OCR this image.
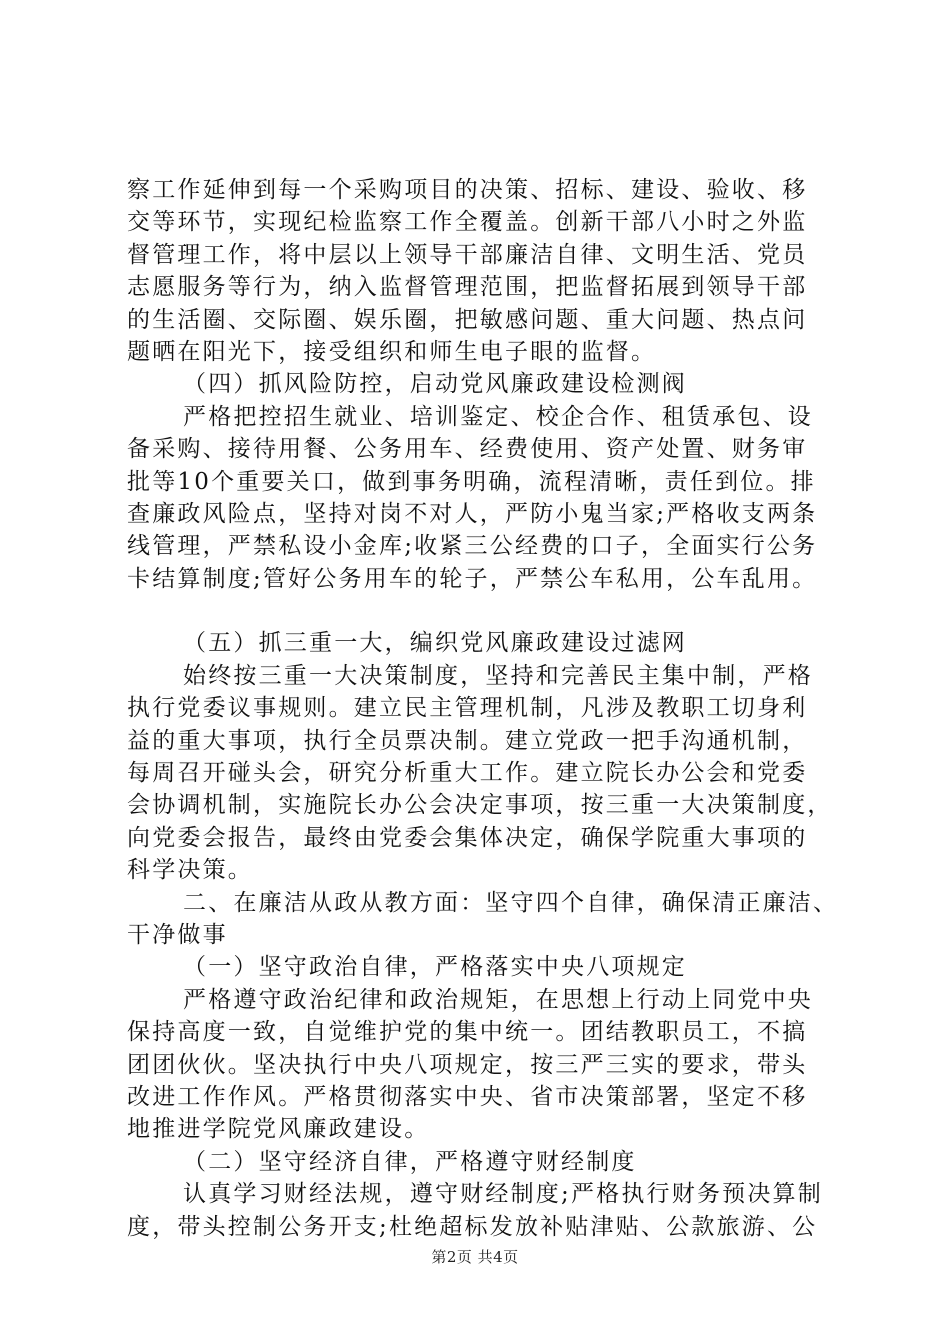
察工作延伸到每一个采购项目的决策、招标、建设、验收、移
交等环节，实现纪检监察工作全覆盖。创新干部八小时之外监
督管理工作，将中层以上领导干部廉洁自律、文明生活、党员
志愿服务等行为，纳入监督管理范围，把监督拓展到领导干部
的生活圈、交际圈、娱乐圈，把敏感问题、重大问题、热点问
题晒在阳光下，接受组织和师生电子眼的监督。
（四）抓风险防控，启动党风廉政建设检测阀
严格把控招生就业、培训鉴定、校企合作、租赁承包、设
备采购、接待用餐、公务用车、经费使用、资产处置、财务审
批等10个重要关口，做到事务明确，流程清晰，责任到位。排
查廉政风险点，坚持对岗不对人，严防小鬼当家;严格收支两条
线管理，严禁私设小金库;收紧三公经费的口子，全面实行公务
卡结算制度;管好公务用车的轮子，严禁公车私用，公车乱用。
（五）抓三重一大，编织党风廉政建设过滤网
始终按三重一大决策制度，坚持和完善民主集中制，严格
执行党委议事规则。建立民主管理机制，凡涉及教职工切身利
益的重大事项，执行全员票决制。建立党政一把手沟通机制，
每周召开碰头会，研究分析重大工作。建立院长办公会和党委
会协调机制，实施院长办公会决定事项，按三重一大决策制度，
向党委会报告，最终由党委会集体决定，确保学院重大事项的
科学决策。
二、在廉洁从政从教方面：坚守四个自律，确保清正廉洁、
干净做事
（一）坚守政治自律，严格落实中央八项规定
严格遵守政治纪律和政治规矩，在思想上行动上同党中央
保持高度一致，自觉维护党的集中统一。团结教职员工，不搞
团团伙伙。坚决执行中央八项规定，按三严三实的要求，带头
改进工作作风。严格贯彻落实中央、省市决策部署，坚定不移
地推进学院党风廉政建设。
（二）坚守经济自律，严格遵守财经制度
认真学习财经法规，遵守财经制度;严格执行财务预决算制
度，带头控制公务开支;杜绝超标发放补贴津贴、公款旅游、公
第2页 共4页
